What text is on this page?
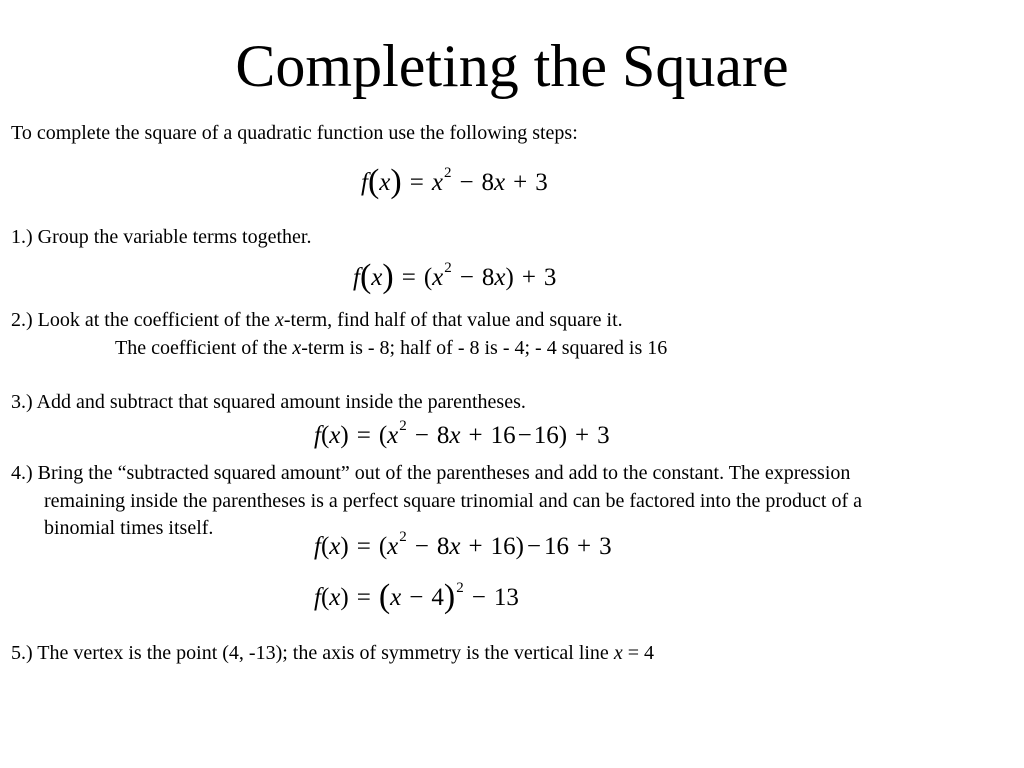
Completing the Square
To complete the square of a quadratic function use the following steps:
$f(x) = x^2 - 8x + 3$
1.) Group the variable terms together.
$f(x) = (x^2 - 8x) + 3$
2.) Look at the coefficient of the x-term, find half of that value and square it.
The coefficient of the x-term is - 8; half of - 8 is - 4; - 4 squared is 16
3.) Add and subtract that squared amount inside the parentheses.
$f(x) = (x^2 - 8x + 16-16) + 3$
4.) Bring the “subtracted squared amount” out of the parentheses and add to the constant. The expression
remaining inside the parentheses is a perfect square trinomial and can be factored into the product of a
binomial times itself.
$f(x) = (x^2 - 8x + 16) - 16 + 3$
$f(x) = (x - 4)^2 - 13$
5.) The vertex is the point (4, -13); the axis of symmetry is the vertical line x = 4
